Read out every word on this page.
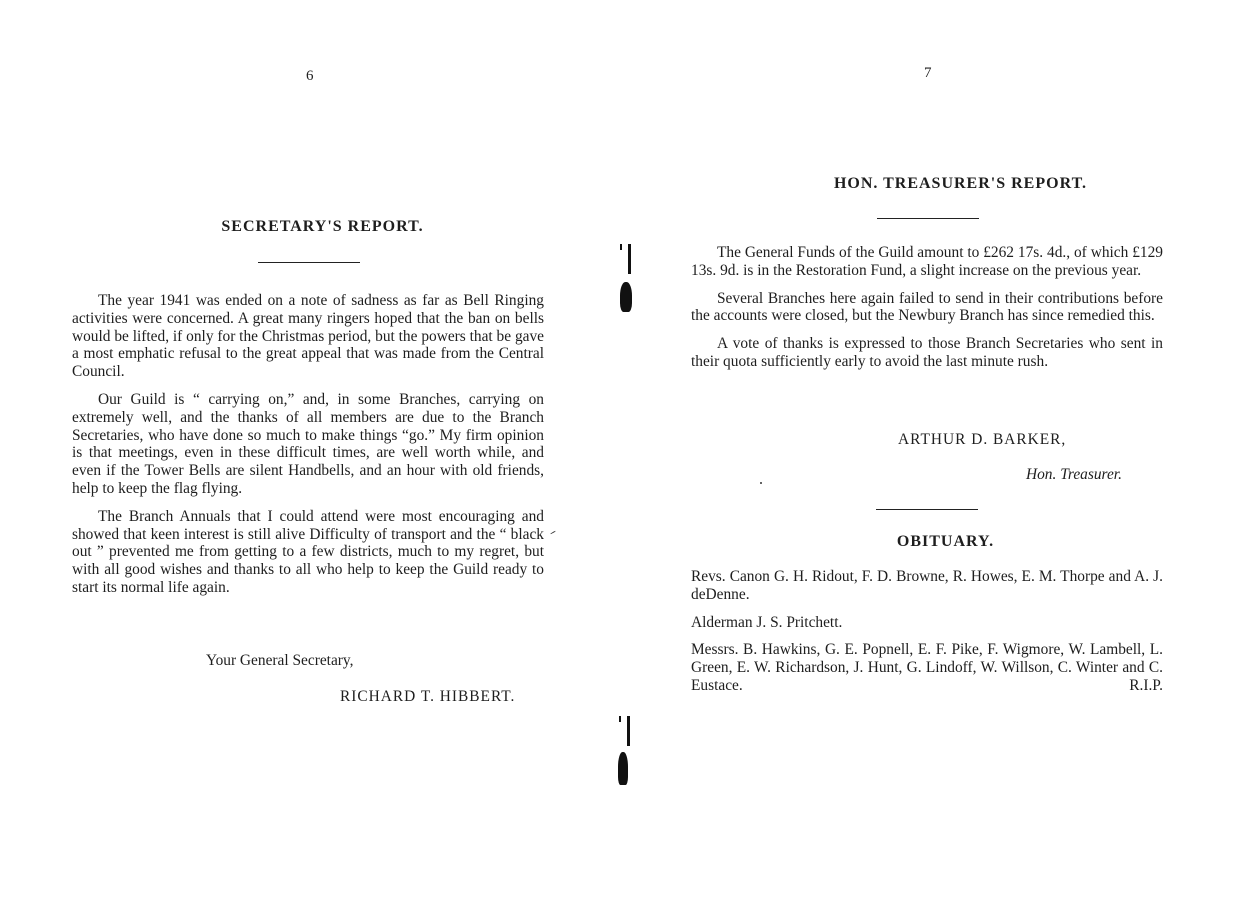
6
SECRETARY'S REPORT.

The year 1941 was ended on a note of sadness as far as Bell Ringing activities were concerned. A great many ringers hoped that the ban on bells would be lifted, if only for the Christmas period, but the powers that be gave a most emphatic refusal to the great appeal that was made from the Central Council.

Our Guild is “ carrying on,” and, in some Branches, carrying on extremely well, and the thanks of all members are due to the Branch Secretaries, who have done so much to make things “go.” My firm opinion is that meetings, even in these difficult times, are well worth while, and even if the Tower Bells are silent Handbells, and an hour with old friends, help to keep the flag flying.

The Branch Annuals that I could attend were most encouraging and showed that keen interest is still alive Difficulty of transport and the “ black out ” prevented me from getting to a few districts, much to my regret, but with all good wishes and thanks to all who help to keep the Guild ready to start its normal life again.

Your General Secretary,
RICHARD T. HIBBERT.
7
HON. TREASURER'S REPORT.

The General Funds of the Guild amount to £262 17s. 4d., of which £129 13s. 9d. is in the Restoration Fund, a slight increase on the previous year.

Several Branches here again failed to send in their contributions before the accounts were closed, but the Newbury Branch has since remedied this.

A vote of thanks is expressed to those Branch Secretaries who sent in their quota sufficiently early to avoid the last minute rush.

ARTHUR D. BARKER,
Hon. Treasurer.
OBITUARY.

Revs. Canon G. H. Ridout, F. D. Browne, R. Howes, E. M. Thorpe and A. J. deDenne.

Alderman J. S. Pritchett.

Messrs. B. Hawkins, G. E. Popnell, E. F. Pike, F. Wigmore, W. Lambell, L. Green, E. W. Richardson, J. Hunt, G. Lindoff, W. Willson, C. Winter and C. Eustace.	R.I.P.
